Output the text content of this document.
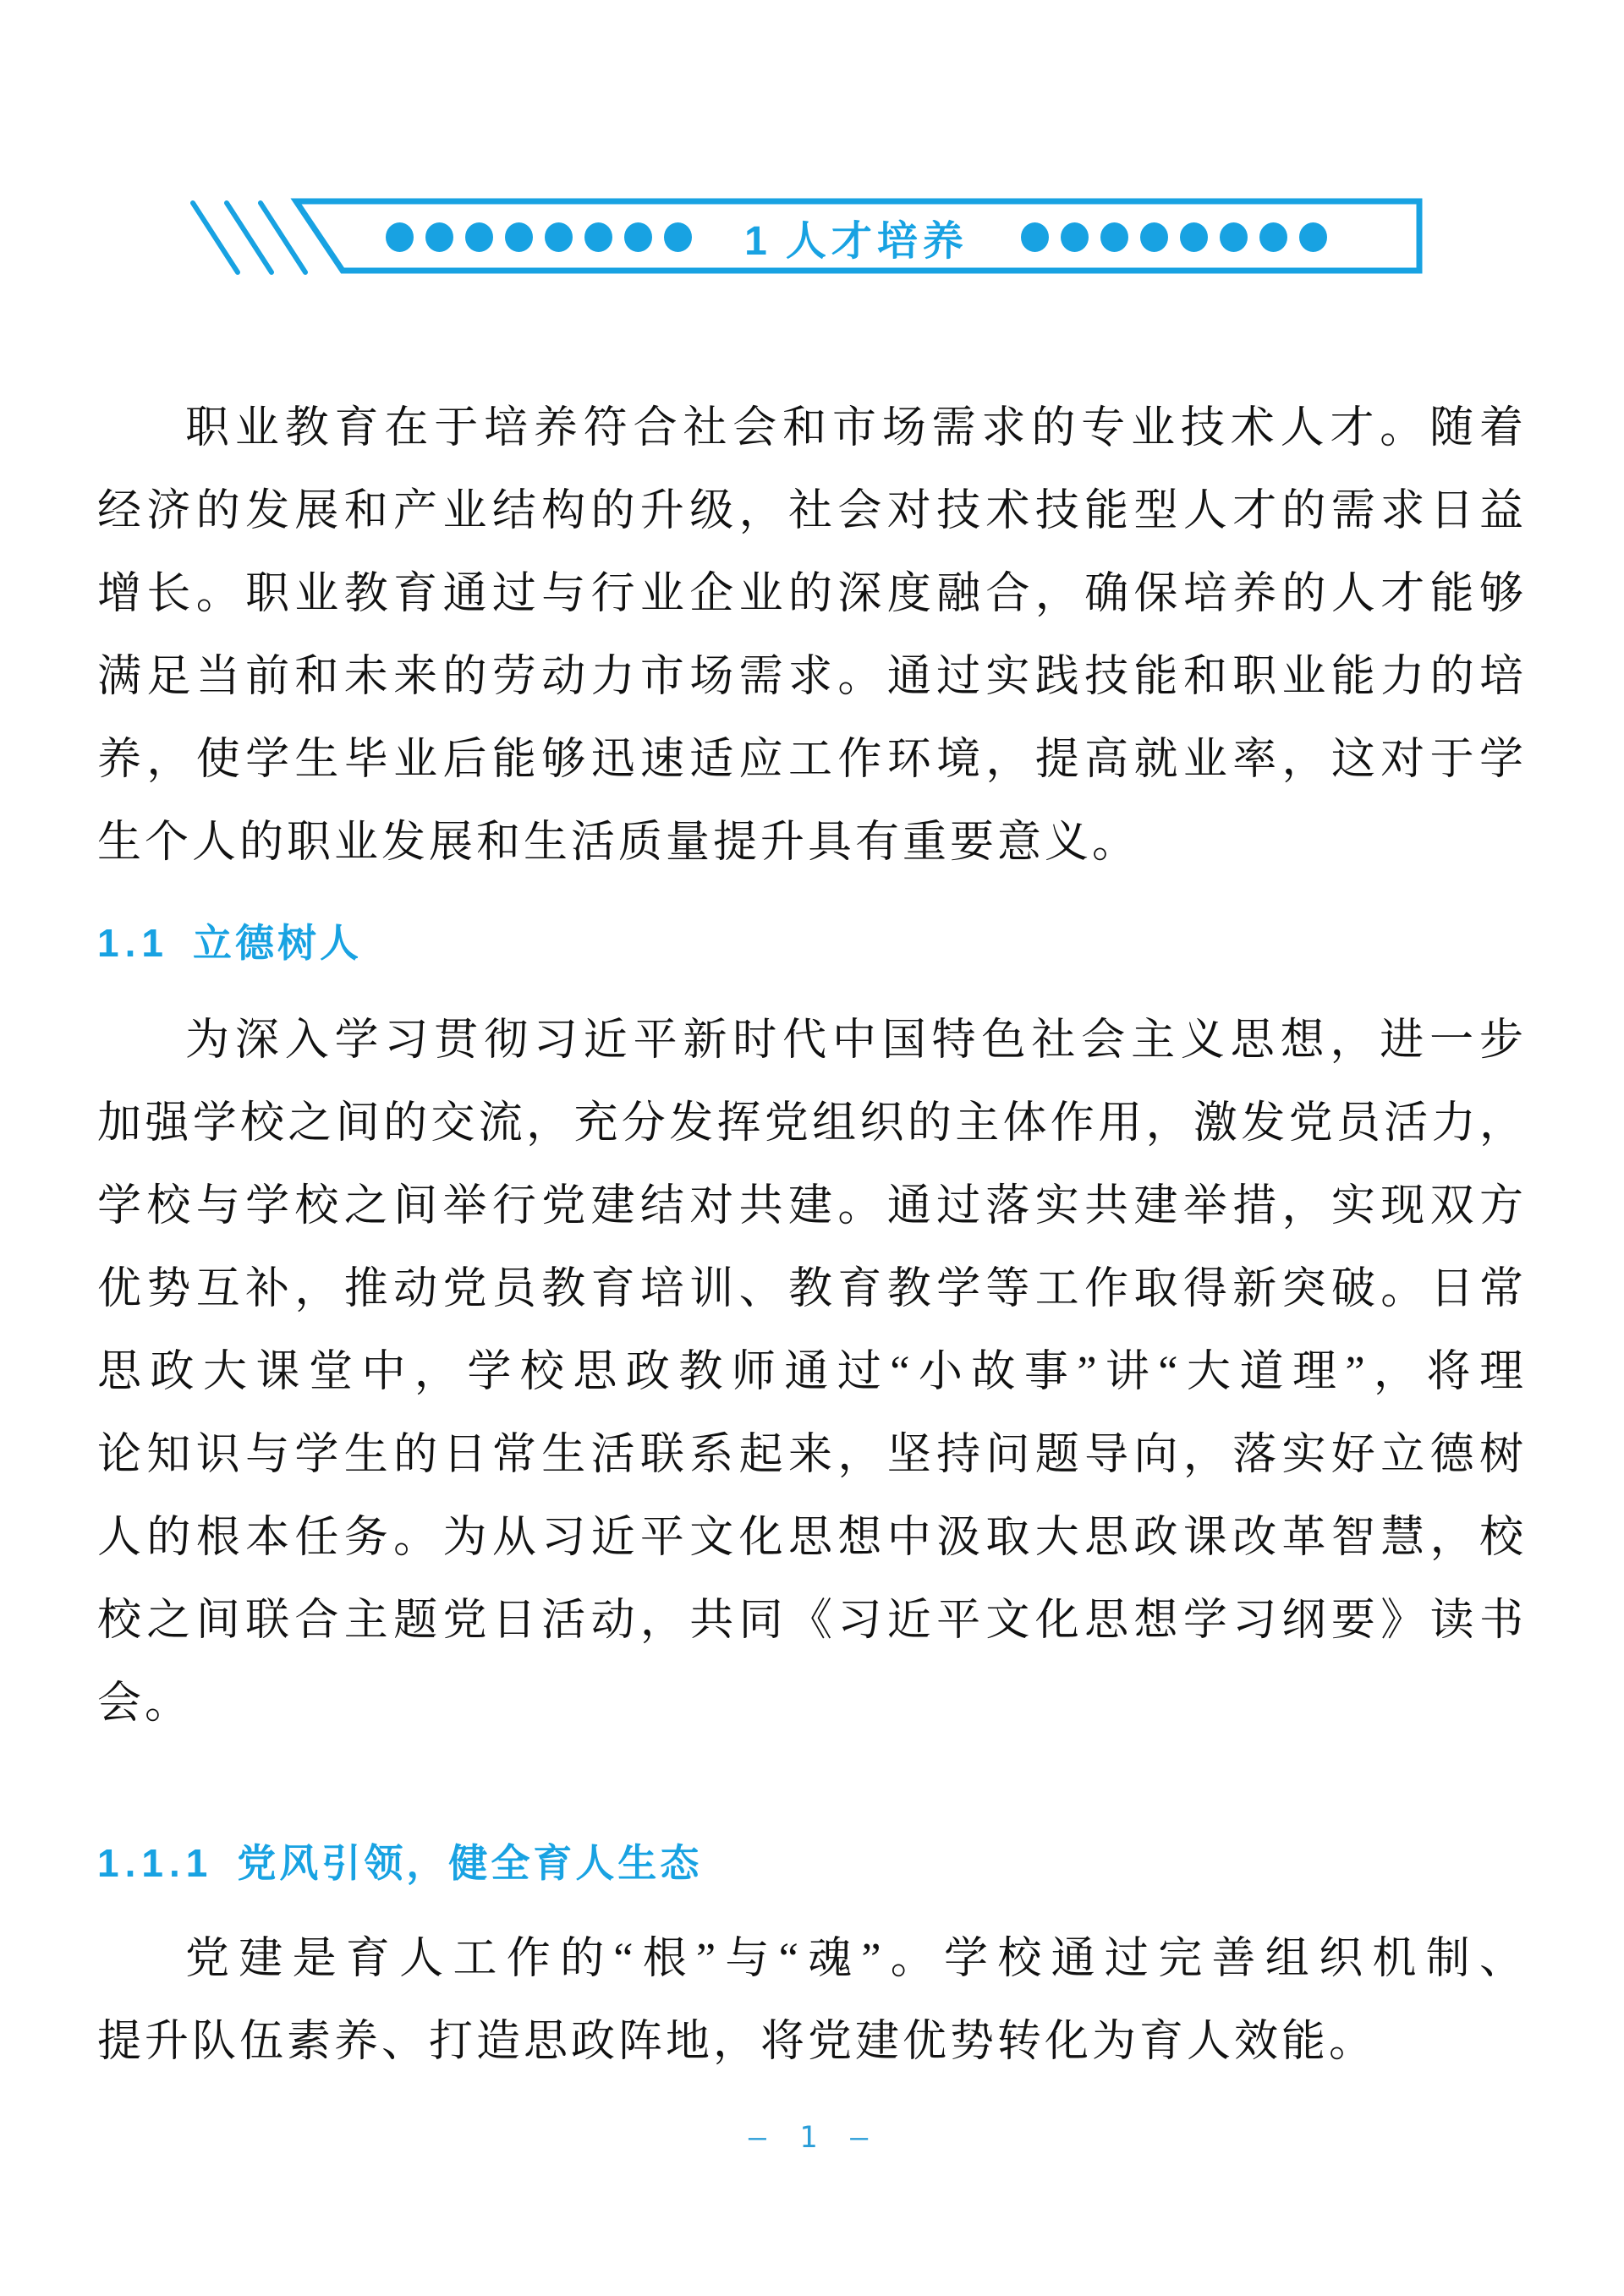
1 人才培养
职业教育在于培养符合社会和市场需求的专业技术人才。随着
经济的发展和产业结构的升级，社会对技术技能型人才的需求日益
增长。职业教育通过与行业企业的深度融合，确保培养的人才能够
满足当前和未来的劳动力市场需求。通过实践技能和职业能力的培
养，使学生毕业后能够迅速适应工作环境，提高就业率，这对于学
生个人的职业发展和生活质量提升具有重要意义。
1.1 立德树人
为深入学习贯彻习近平新时代中国特色社会主义思想，进一步
加强学校之间的交流，充分发挥党组织的主体作用，激发党员活力，
学校与学校之间举行党建结对共建。通过落实共建举措，实现双方
优势互补，推动党员教育培训、教育教学等工作取得新突破。日常
思政大课堂中，学校思政教师通过“小故事”讲“大道理”，将理
论知识与学生的日常生活联系起来，坚持问题导向，落实好立德树
人的根本任务。为从习近平文化思想中汲取大思政课改革智慧，校
校之间联合主题党日活动，共同《习近平文化思想学习纲要》读书
会。
1.1.1 党风引领，健全育人生态
党建是育人工作的“根”与“魂”。学校通过完善组织机制、
提升队伍素养、打造思政阵地，将党建优势转化为育人效能。
— 1 —
